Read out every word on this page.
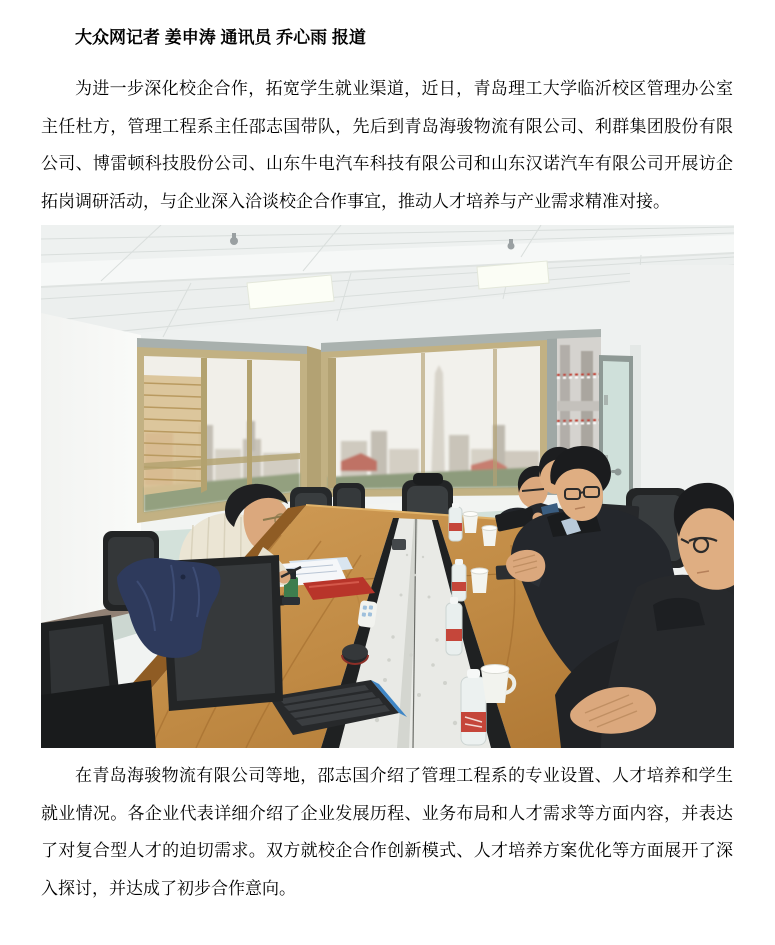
大众网记者 姜申涛 通讯员 乔心雨 报道

为进一步深化校企合作，拓宽学生就业渠道，近日，青岛理工大学临沂校区管理办公室主任杜方，管理工程系主任邵志国带队，先后到青岛海骏物流有限公司、利群集团股份有限公司、博雷顿科技股份公司、山东牛电汽车科技有限公司和山东汉诺汽车有限公司开展访企拓岗调研活动，与企业深入洽谈校企合作事宜，推动人才培养与产业需求精准对接。

在青岛海骏物流有限公司等地，邵志国介绍了管理工程系的专业设置、人才培养和学生就业情况。各企业代表详细介绍了企业发展历程、业务布局和人才需求等方面内容，并表达了对复合型人才的迫切需求。双方就校企合作创新模式、人才培养方案优化等方面展开了深入探讨，并达成了初步合作意向。
